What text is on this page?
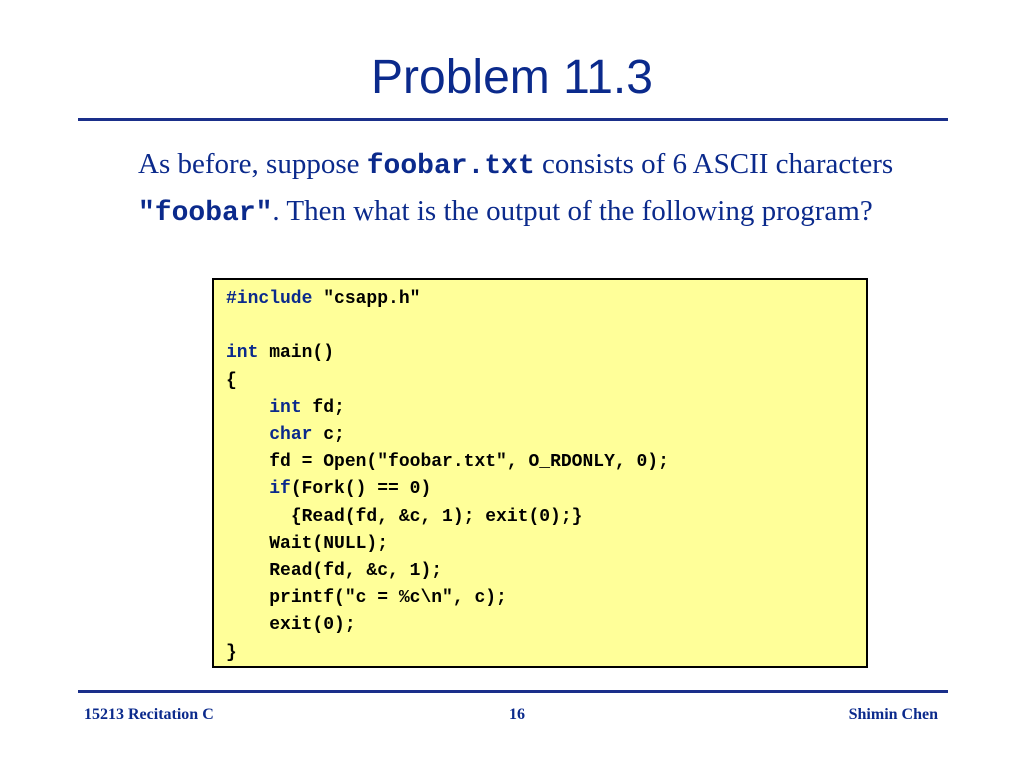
Problem 11.3
As before, suppose foobar.txt consists of 6 ASCII characters "foobar". Then what is the output of the following program?
#include "csapp.h"

int main()
{
int fd;
char c;
fd = Open("foobar.txt", O_RDONLY, 0);
if(Fork() == 0)
{Read(fd, &c, 1); exit(0);}
Wait(NULL);
Read(fd, &c, 1);
printf("c = %c\n", c);
exit(0);
}
15213 Recitation C	16	Shimin Chen
